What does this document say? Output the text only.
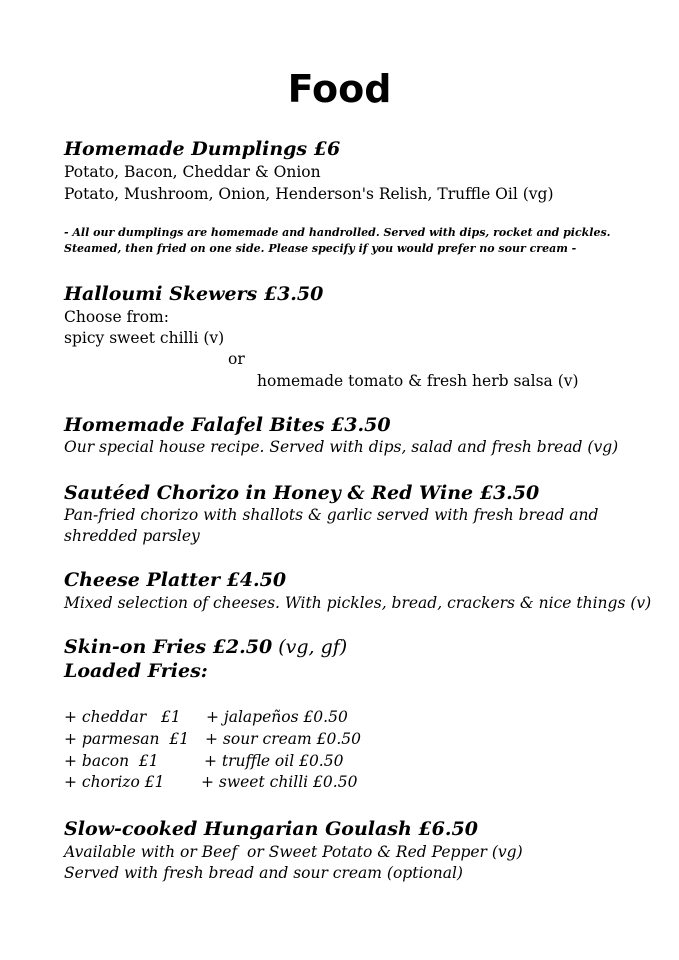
Food
Homemade Dumplings £6
Potato, Bacon, Cheddar & Onion
Potato, Mushroom, Onion, Henderson's Relish, Truffle Oil (vg)
- All our dumplings are homemade and handrolled. Served with dips, rocket and pickles.
Steamed, then fried on one side. Please specify if you would prefer no sour cream -
Halloumi Skewers £3.50
Choose from:
spicy sweet chilli (v)
or
homemade tomato & fresh herb salsa (v)
Homemade Falafel Bites £3.50
Our special house recipe. Served with dips, salad and fresh bread (vg)
Sautéed Chorizo in Honey & Red Wine £3.50
Pan-fried chorizo with shallots & garlic served with fresh bread and
shredded parsley
Cheese Platter £4.50
Mixed selection of cheeses. With pickles, bread, crackers & nice things (v)
Skin-on Fries £2.50 (vg, gf)
Loaded Fries:
+ cheddar   £1
+ parmesan  £1
+ bacon  £1
+ chorizo £1
+ jalapeños £0.50
+ sour cream £0.50
+ truffle oil £0.50
+ sweet chilli £0.50
Slow-cooked Hungarian Goulash £6.50
Available with or Beef  or Sweet Potato & Red Pepper (vg)
Served with fresh bread and sour cream (optional)
